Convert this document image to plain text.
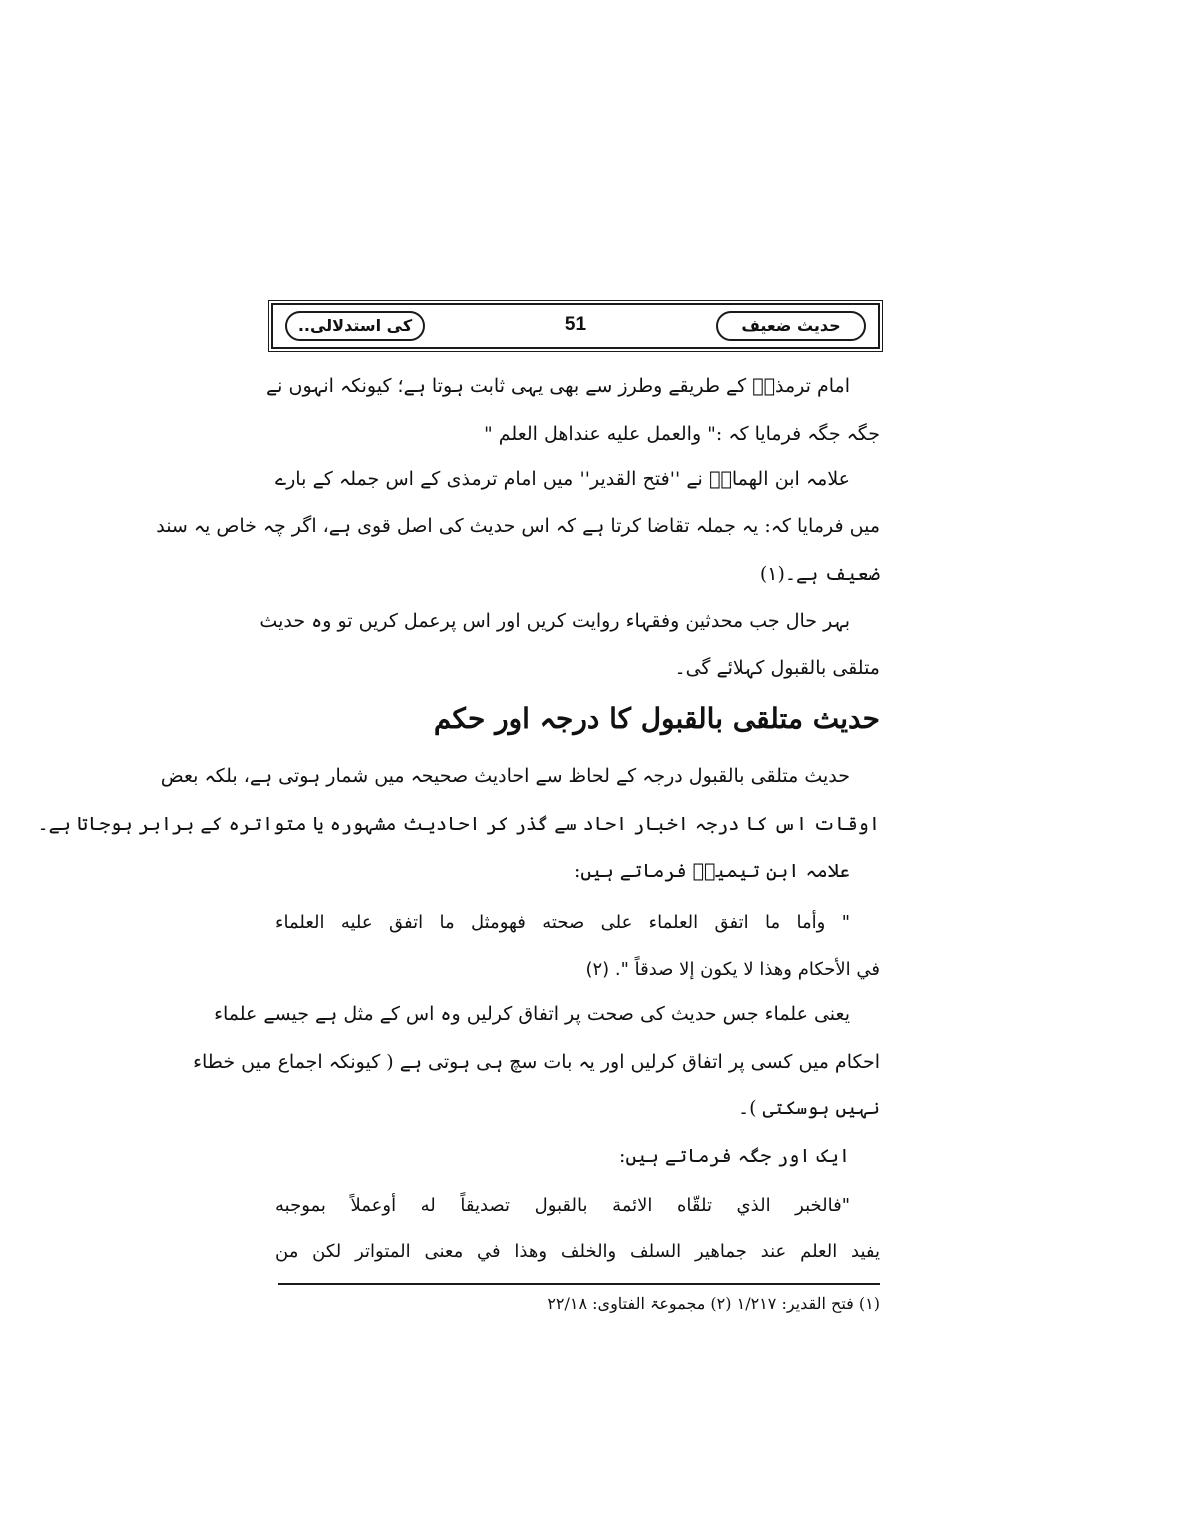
حديث ضعيف
51
کی استدلالی..
امام ترمذیؒ کے طریقے وطرز سے بھی یہی ثابت ہوتا ہے؛ کیونکہ انہوں نے
جگہ جگہ فرمایا کہ :" والعمل علیه عنداهل العلم "
علامہ ابن الھمامؒ نے ''فتح القدیر'' میں امام ترمذی کے اس جملہ کے بارے
میں فرمایا کہ: یہ جملہ تقاضا کرتا ہے کہ اس حدیث کی اصل قوی ہے، اگر چہ خاص یہ سند
ضعیف ہے۔(۱)
بہر حال جب محدثین وفقہاء روایت کریں اور اس پرعمل کریں تو وہ حدیث
متلقی بالقبول کہلائے گی۔
حدیث متلقی بالقبول کا درجہ اور حکم
حدیث متلقی بالقبول درجہ کے لحاظ سے احادیث صحیحہ میں شمار ہوتی ہے، بلکہ بعض
اوقات اس کا درجہ اخبار احاد سے گذر کر احادیث مشہورہ یا متواترہ کے برابر ہوجاتا ہے۔
علامہ ابن تیمیہؒ فرماتے ہیں:
" وأما ما اتفق العلماء على صحته فهومثل ما اتفق عليه العلماء
في الأحكام وهذا لا يكون إلا صدقاً ". (٢)
یعنی علماء جس حدیث کی صحت پر اتفاق کرلیں وہ اس کے مثل ہے جیسے علماء
احکام میں کسی پر اتفاق کرلیں اور یہ بات سچ ہی ہوتی ہے ( کیونکہ اجماع میں خطاء
نہیں ہوسکتی )۔
ایک اور جگہ فرماتے ہیں:
"فالخبر الذي تلقّاه الائمة بالقبول تصديقاً له أوعملاً بموجبه
يفيد العلم عند جماهير السلف والخلف وهذا في معنى المتواتر لكن من
(۱) فتح القدیر: ۱/۲۱۷ (۲) مجموعۃ الفتاوی: ۲۲/۱۸
